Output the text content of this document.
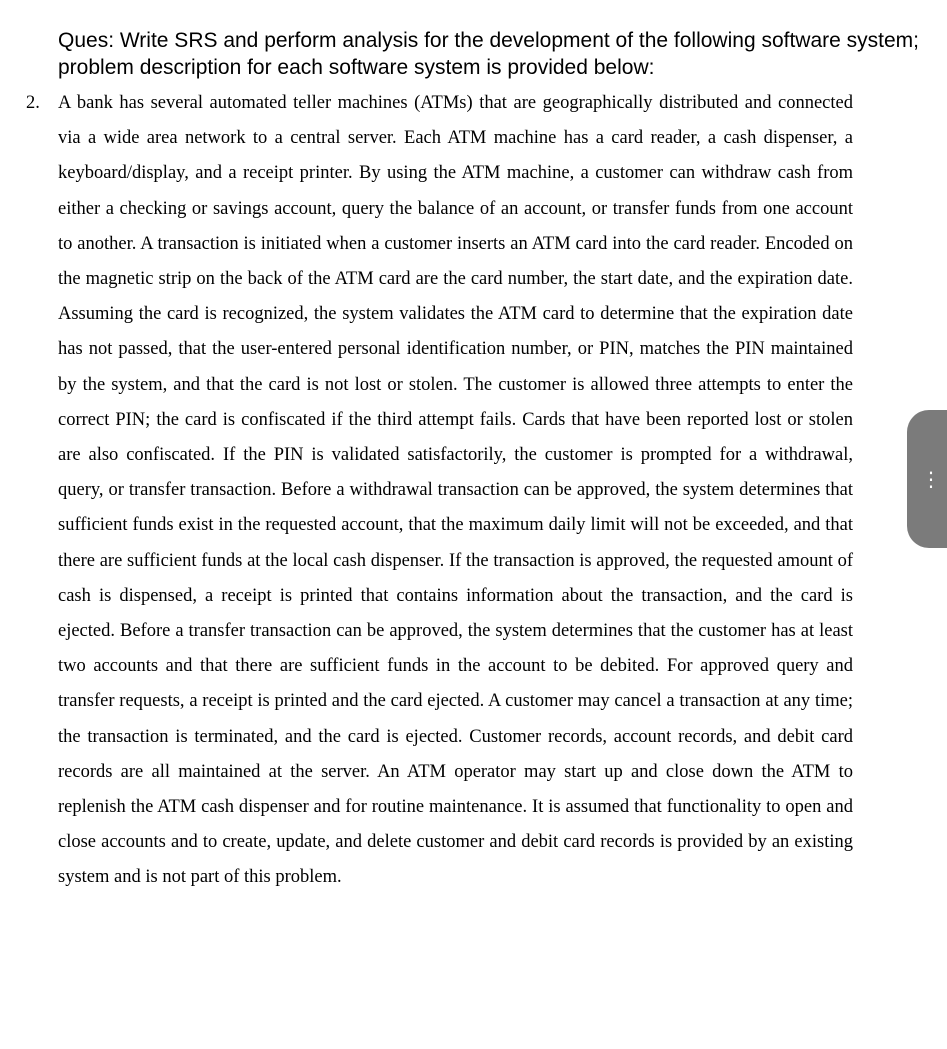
Ques: Write SRS and perform analysis for the development of the following software system; problem description for each software system is provided below:
2. A bank has several automated teller machines (ATMs) that are geographically distributed and connected via a wide area network to a central server. Each ATM machine has a card reader, a cash dispenser, a keyboard/display, and a receipt printer. By using the ATM machine, a customer can withdraw cash from either a checking or savings account, query the balance of an account, or transfer funds from one account to another. A transaction is initiated when a customer inserts an ATM card into the card reader. Encoded on the magnetic strip on the back of the ATM card are the card number, the start date, and the expiration date. Assuming the card is recognized, the system validates the ATM card to determine that the expiration date has not passed, that the user-entered personal identification number, or PIN, matches the PIN maintained by the system, and that the card is not lost or stolen. The customer is allowed three attempts to enter the correct PIN; the card is confiscated if the third attempt fails. Cards that have been reported lost or stolen are also confiscated. If the PIN is validated satisfactorily, the customer is prompted for a withdrawal, query, or transfer transaction. Before a withdrawal transaction can be approved, the system determines that sufficient funds exist in the requested account, that the maximum daily limit will not be exceeded, and that there are sufficient funds at the local cash dispenser. If the transaction is approved, the requested amount of cash is dispensed, a receipt is printed that contains information about the transaction, and the card is ejected. Before a transfer transaction can be approved, the system determines that the customer has at least two accounts and that there are sufficient funds in the account to be debited. For approved query and transfer requests, a receipt is printed and the card ejected. A customer may cancel a transaction at any time; the transaction is terminated, and the card is ejected. Customer records, account records, and debit card records are all maintained at the server. An ATM operator may start up and close down the ATM to replenish the ATM cash dispenser and for routine maintenance. It is assumed that functionality to open and close accounts and to create, update, and delete customer and debit card records is provided by an existing system and is not part of this problem.

⋮
